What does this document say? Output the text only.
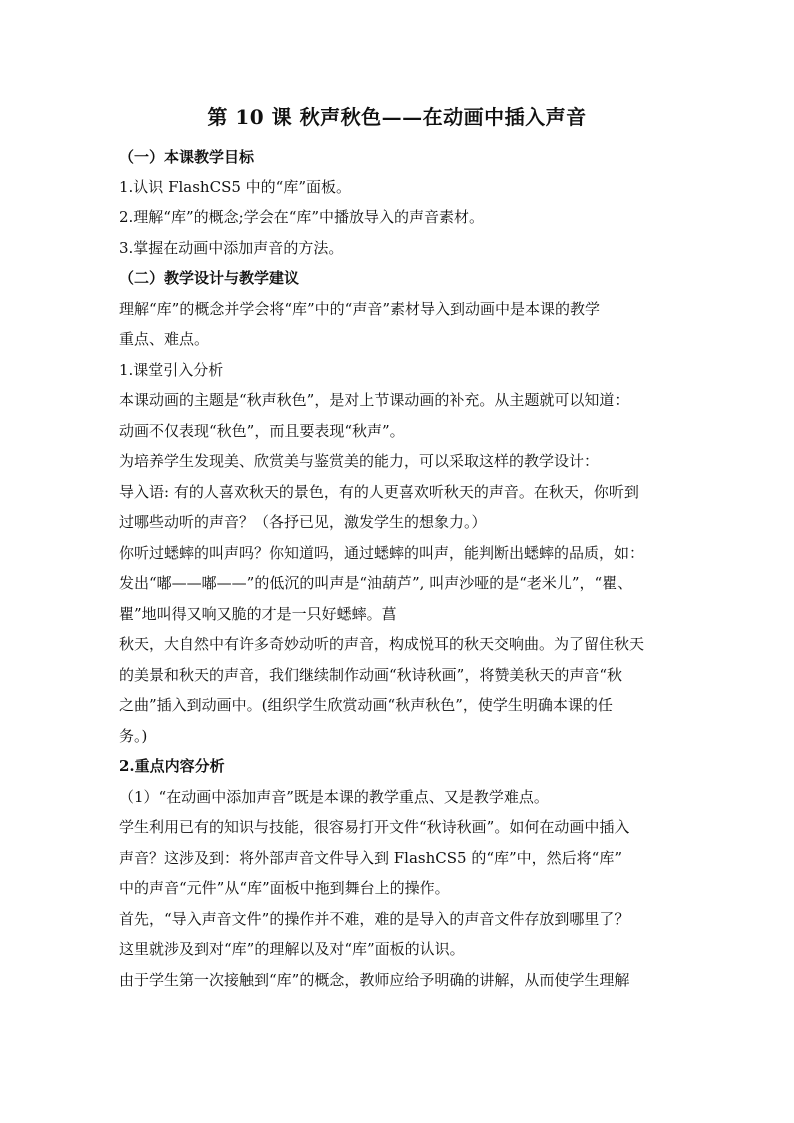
第 10 课 秋声秋色——在动画中插入声音
（一）本课教学目标
1.认识 FlashCS5 中的“库”面板。
2.理解“库”的概念;学会在“库”中播放导入的声音素材。
3.掌握在动画中添加声音的方法。
（二）教学设计与教学建议
理解“库”的概念并学会将“库”中的“声音”素材导入到动画中是本课的教学
重点、难点。
1.课堂引入分析
本课动画的主题是“秋声秋色”，是对上节课动画的补充。从主题就可以知道：
动画不仅表现“秋色”，而且要表现“秋声”。
为培养学生发现美、欣赏美与鉴赏美的能力，可以采取这样的教学设计：
导入语: 有的人喜欢秋天的景色，有的人更喜欢听秋天的声音。在秋天，你听到
过哪些动听的声音？（各抒已见，激发学生的想象力。）
你听过蟋蟀的叫声吗？你知道吗，通过蟋蟀的叫声，能判断出蟋蟀的品质，如：
发出“嘟——嘟——”的低沉的叫声是“油葫芦”, 叫声沙哑的是“老米儿”，“瞿、
瞿”地叫得又响又脆的才是一只好蟋蟀。菖
秋天，大自然中有许多奇妙动听的声音，构成悦耳的秋天交响曲。为了留住秋天
的美景和秋天的声音，我们继续制作动画“秋诗秋画”，将赞美秋天的声音“秋
之曲”插入到动画中。(组织学生欣赏动画“秋声秋色”，使学生明确本课的任
务。)
2.重点内容分析
（1）“在动画中添加声音”既是本课的教学重点、又是教学难点。
学生利用已有的知识与技能，很容易打开文件“秋诗秋画”。如何在动画中插入
声音？这涉及到：将外部声音文件导入到 FlashCS5 的“库”中，然后将“库”
中的声音“元件”从“库”面板中拖到舞台上的操作。
首先，“导入声音文件”的操作并不难，难的是导入的声音文件存放到哪里了？
这里就涉及到对“库”的理解以及对“库”面板的认识。
由于学生第一次接触到“库”的概念，教师应给予明确的讲解，从而使学生理解
